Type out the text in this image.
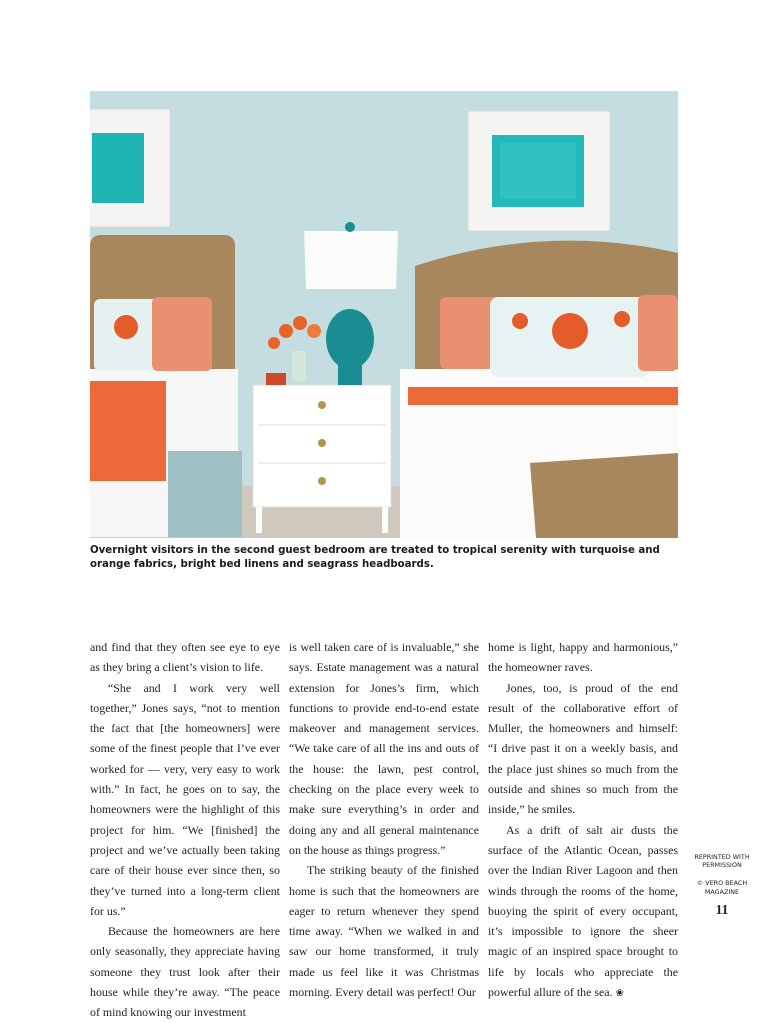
Overnight visitors in the second guest bedroom are treated to tropical serenity with turquoise and orange fabrics, bright bed linens and seagrass headboards.

and find that they often see eye to eye as they bring a client’s vision to life.

“She and I work very well together,” Jones says, “not to mention the fact that [the homeowners] were some of the finest people that I’ve ever worked for — very, very easy to work with.” In fact, he goes on to say, the homeowners were the highlight of this project for him. “We [finished] the project and we’ve actually been taking care of their house ever since then, so they’ve turned into a long-term client for us.”

Because the homeowners are here only seasonally, they appreciate having someone they trust look after their house while they’re away. “The peace of mind knowing our investment

is well taken care of is invaluable,” she says. Estate management was a natural extension for Jones’s firm, which functions to provide end-to-end estate makeover and management services. “We take care of all the ins and outs of the house: the lawn, pest control, checking on the place every week to make sure everything’s in order and doing any and all general maintenance on the house as things progress.”

The striking beauty of the finished home is such that the homeowners are eager to return whenever they spend time away. “When we walked in and saw our home transformed, it truly made us feel like it was Christmas morning. Every detail was perfect! Our

home is light, happy and harmonious,” the homeowner raves.

Jones, too, is proud of the end result of the collaborative effort of Muller, the homeowners and himself: “I drive past it on a weekly basis, and the place just shines so much from the outside and shines so much from the inside,” he smiles.

As a drift of salt air dusts the surface of the Atlantic Ocean, passes over the Indian River Lagoon and then winds through the rooms of the home, buoying the spirit of every occupant, it’s impossible to ignore the sheer magic of an inspired space brought to life by locals who appreciate the powerful allure of the sea. ❀

REPRINTED WITH
PERMISSION
© VERO BEACH
MAGAZINE
11
